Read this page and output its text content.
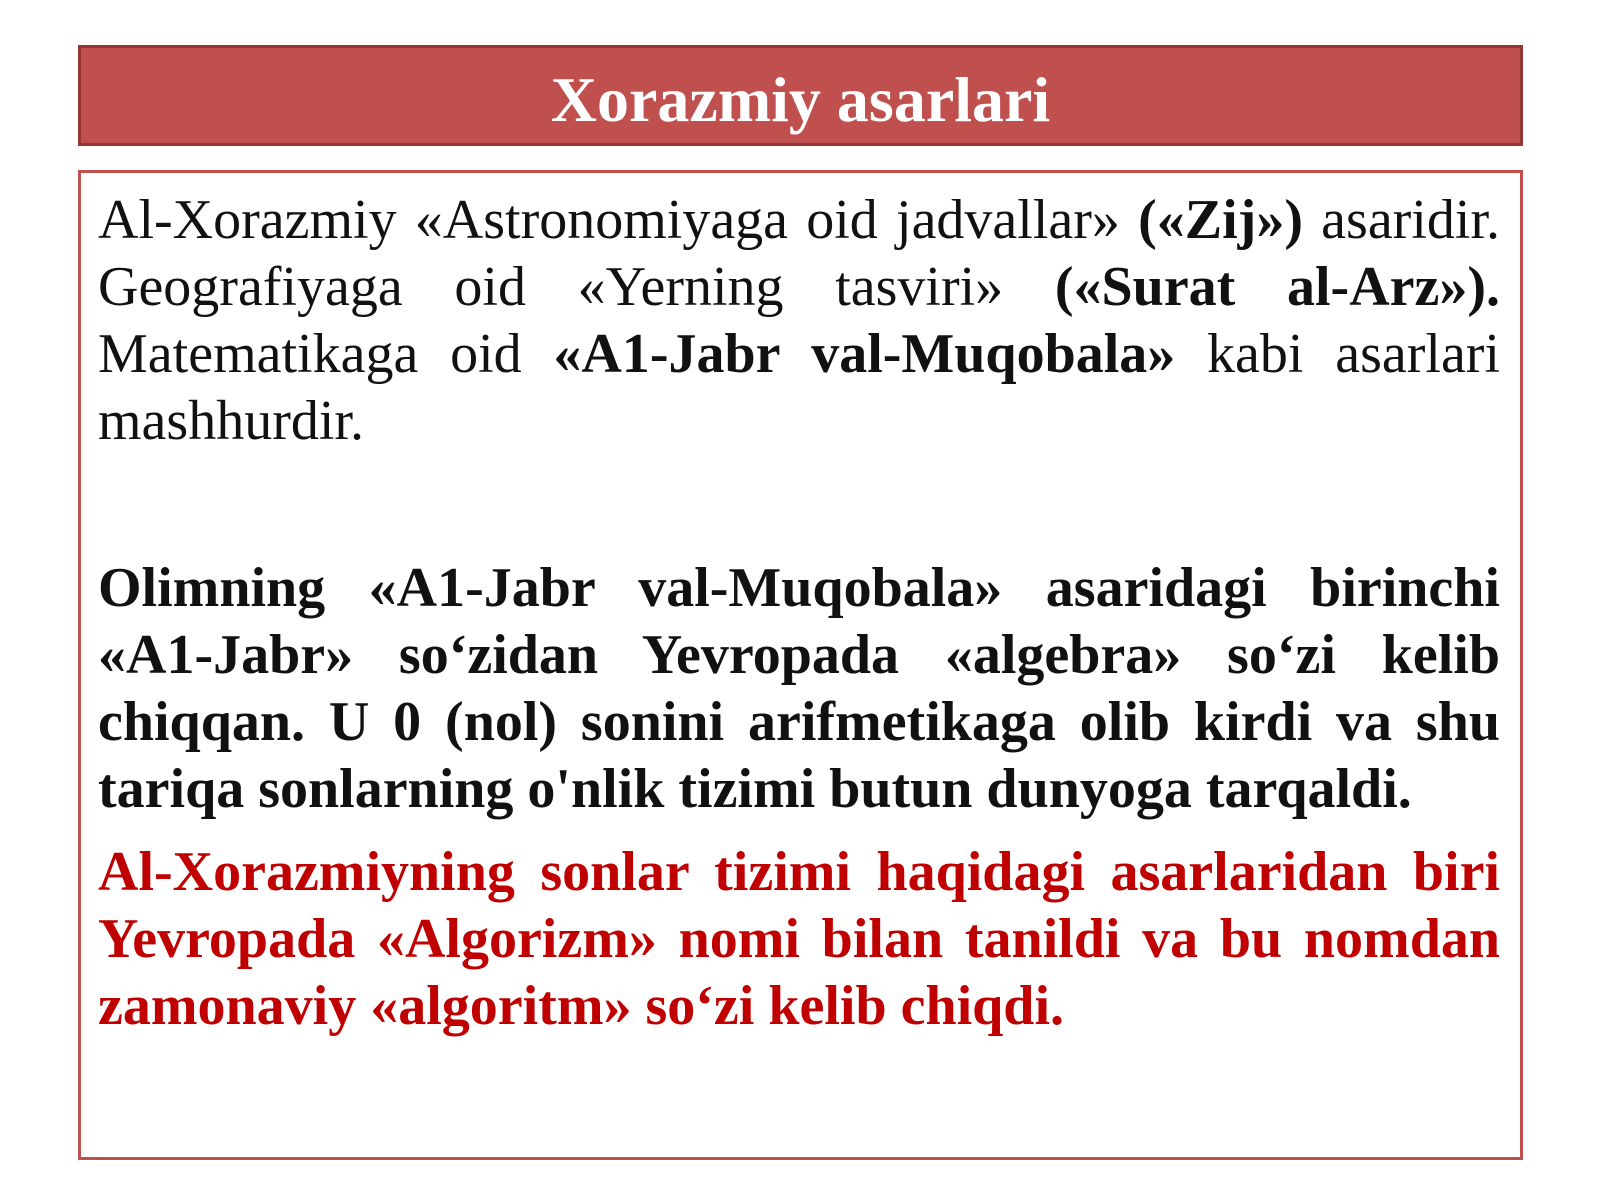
Xorazmiy asarlari

Al-Xorazmiy «Astronomiyaga oid jadvallar» («Zij») asaridir. Geografiyaga oid «Yerning tasviri» («Surat al-Arz»). Matematikaga oid «A1-Jabr val-Muqobala» kabi asarlari mashhurdir.

Olimning «A1-Jabr val-Muqobala» asaridagi birinchi «A1-Jabr» so‘zidan Yevropada «algebra» so‘zi kelib chiqqan. U 0 (nol) sonini arifmetikaga olib kirdi va shu tariqa sonlarning o'nlik tizimi butun dunyoga tarqaldi.

Al-Xorazmiyning sonlar tizimi haqidagi asarlaridan biri Yevropada «Algorizm» nomi bilan tanildi va bu nomdan zamonaviy «algoritm» so‘zi kelib chiqdi.
